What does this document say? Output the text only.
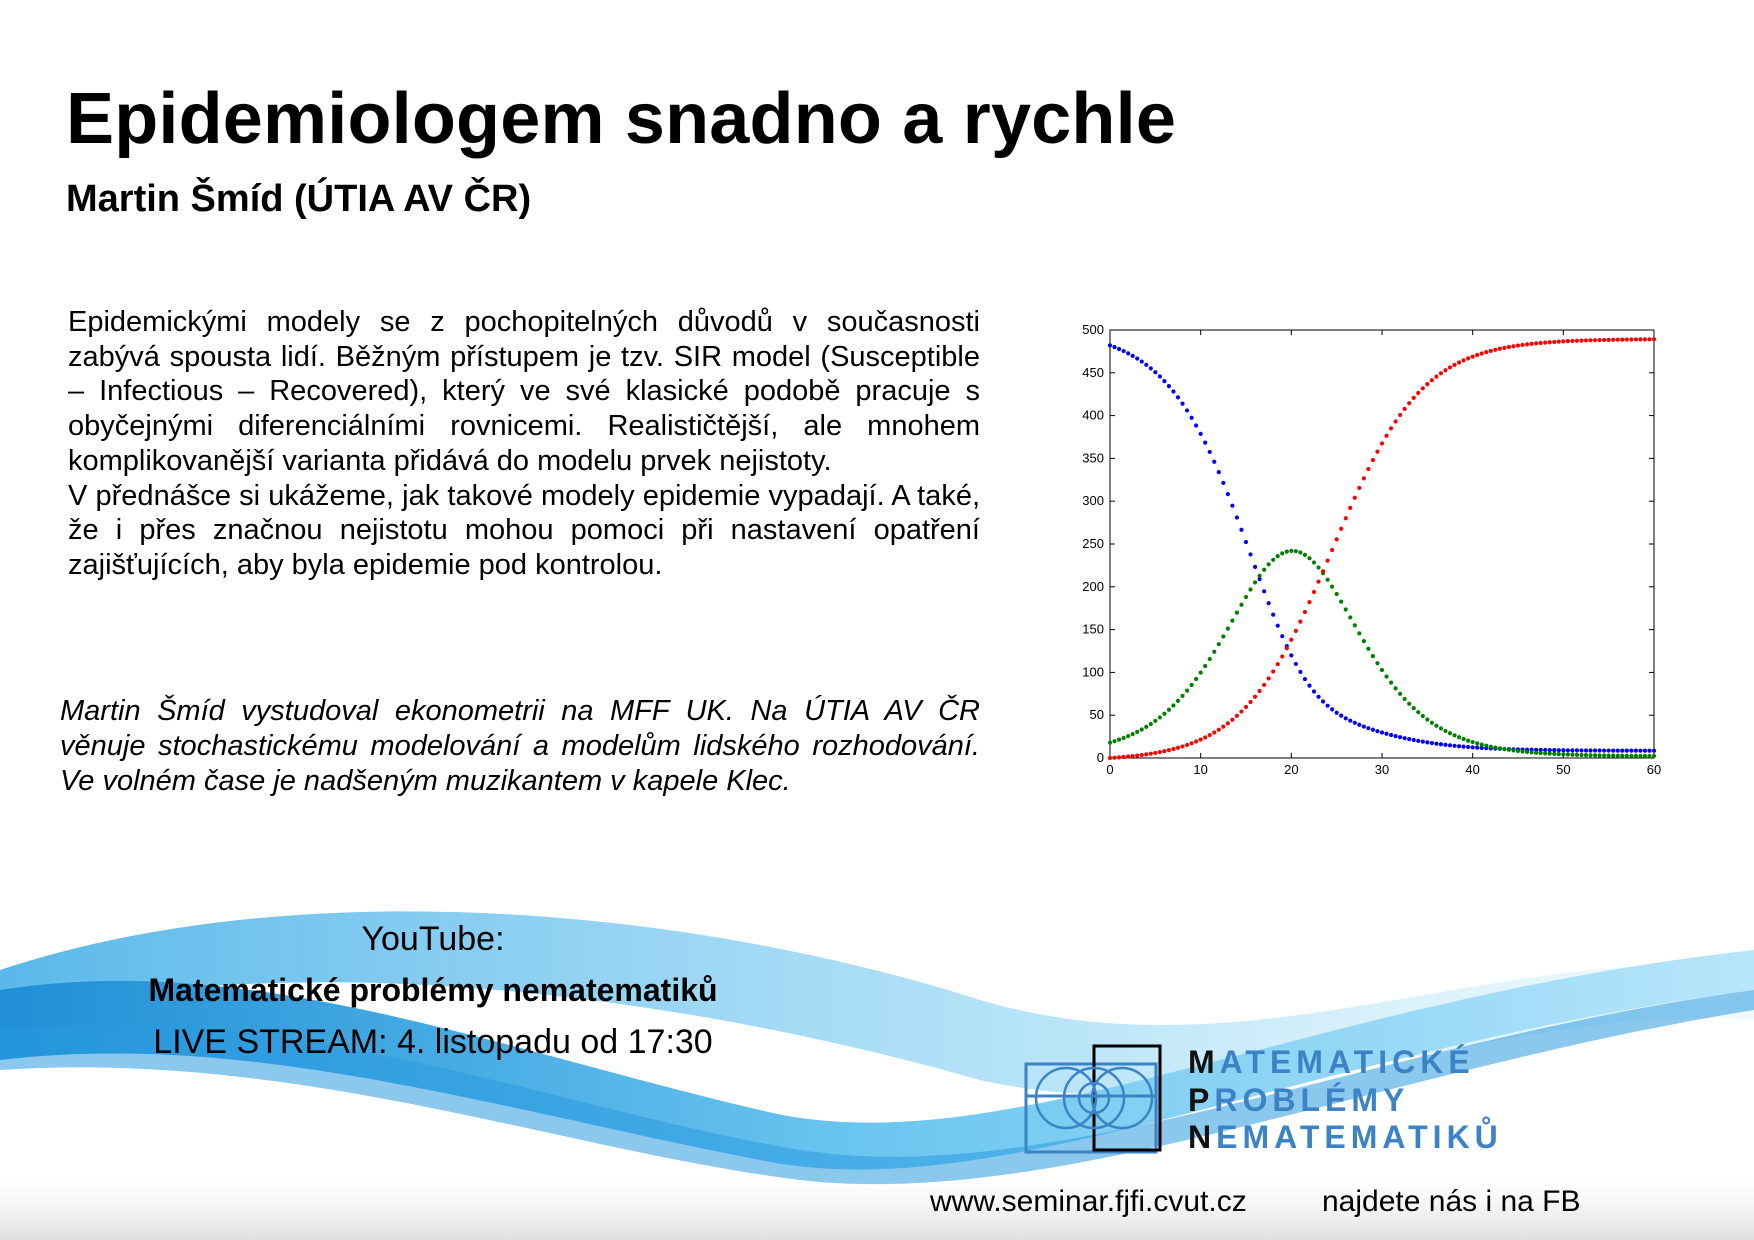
Epidemiologem snadno a rychle
Martin Šmíd (ÚTIA AV ČR)

Epidemickými modely se z pochopitelných důvodů v současnosti zabývá spousta lidí. Běžným přístupem je tzv. SIR model (Susceptible – Infectious – Recovered), který ve své klasické podobě pracuje s obyčejnými diferenciálními rovnicemi. Realističtější, ale mnohem komplikovanější varianta přidává do modelu prvek nejistoty.

V přednášce si ukážeme, jak takové modely epidemie vypadají. A také, že i přes značnou nejistotu mohou pomoci při nastavení opatření zajišťujících, aby byla epidemie pod kontrolou.

Martin Šmíd vystudoval ekonometrii na MFF UK. Na ÚTIA AV ČR věnuje stochastickému modelování a modelům lidského rozhodování. Ve volném čase je nadšeným muzikantem v kapele Klec.

0
50
100
150
200
250
300
350
400
450
500
0	10	20	30	40	50	60

YouTube:

Matematické problémy nematematiků

LIVE STREAM: 4. listopadu od 17:30

MATEMATICKÉ

PROBLÉMY

NEMATEMATIKŮ

www.seminar.fjfi.cvut.cz	najdete nás i na FB
